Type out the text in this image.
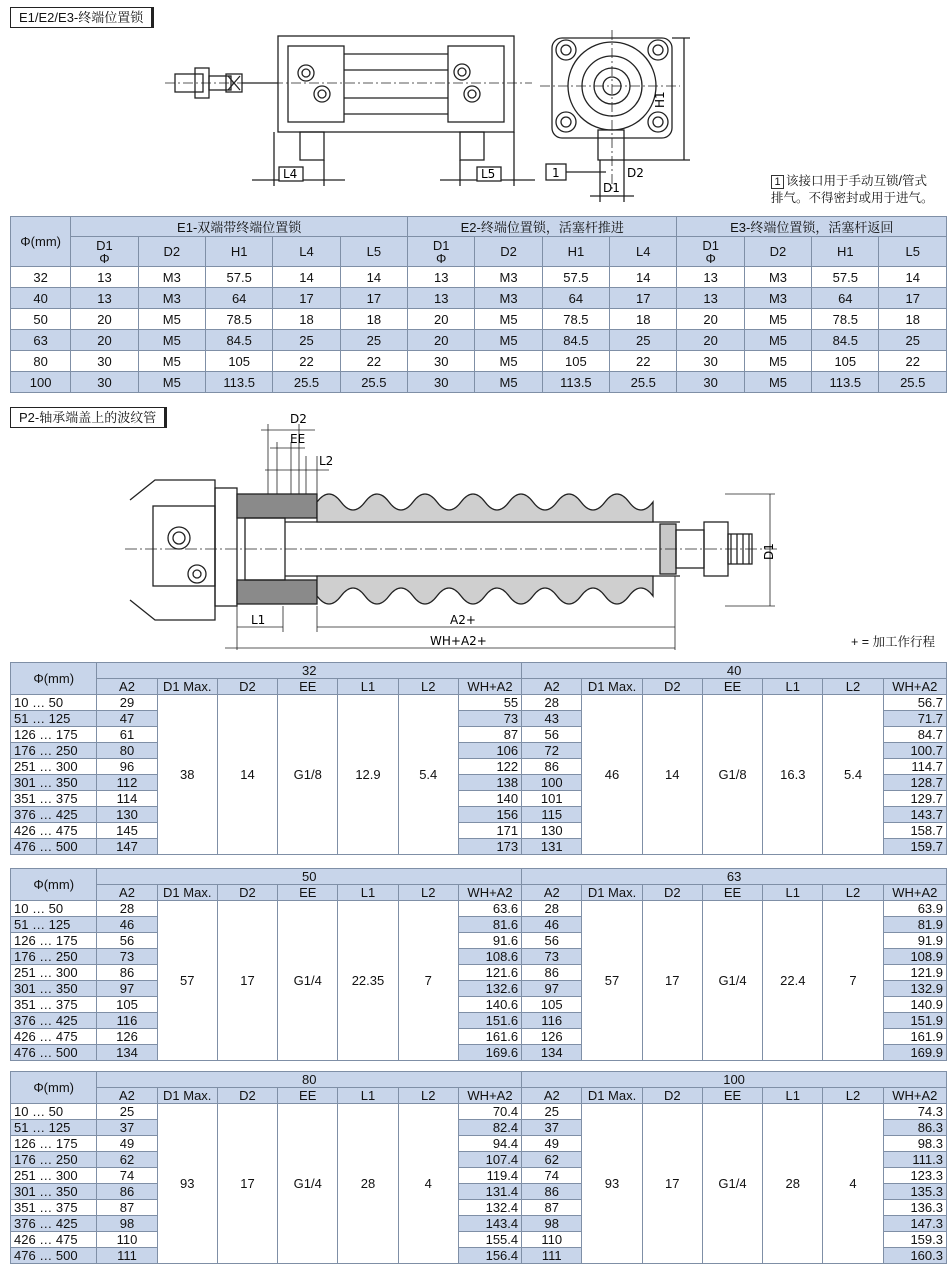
E1/E2/E3-终端位置锁
L4	L5
H1
D1
D2
1
1 该接口用于手动互锁/管式
排气。不得密封或用于进气。
Φ(mm)	E1-双端带终端位置锁					E2-终端位置锁，活塞杆推进				E3-终端位置锁，活塞杆返回			
	D1 Φ	D2	H1	L4	L5	D1 Φ	D2	H1	L4	D1 Φ	D2	H1	L5
32	13	M3	57.5	14	14	13	M3	57.5	14	13	M3	57.5	14
40	13	M3	64	17	17	13	M3	64	17	13	M3	64	17
50	20	M5	78.5	18	18	20	M5	78.5	18	20	M5	78.5	18
63	20	M5	84.5	25	25	20	M5	84.5	25	20	M5	84.5	25
80	30	M5	105	22	22	30	M5	105	22	30	M5	105	22
100	30	M5	113.5	25.5	25.5	30	M5	113.5	25.5	30	M5	113.5	25.5
P2-轴承端盖上的波纹管	D2
EE
L2
L1	A2+
WH+A2+
D1
+ = 加工作行程
Φ(mm)	32							40						
	A2	D1 Max.	D2	EE	L1	L2	WH+A2	A2	D1 Max.	D2	EE	L1	L2	WH+A2
10 … 50	29	38	14	G1/8	12.9	5.4	55	28	46	14	G1/8	16.3	5.4	56.7
51 … 125	47						73	43						71.7
126 … 175	61						87	56						84.7
176 … 250	80						106	72						100.7
251 … 300	96						122	86						114.7
301 … 350	112						138	100						128.7
351 … 375	114						140	101						129.7
376 … 425	130						156	115						143.7
426 … 475	145						171	130						158.7
476 … 500	147						173	131						159.7
Φ(mm)	50							63						
	A2	D1 Max.	D2	EE	L1	L2	WH+A2	A2	D1 Max.	D2	EE	L1	L2	WH+A2
10 … 50	28	57	17	G1/4	22.35	7	63.6	28	57	17	G1/4	22.4	7	63.9
51 … 125	46						81.6	46						81.9
126 … 175	56						91.6	56						91.9
176 … 250	73						108.6	73						108.9
251 … 300	86						121.6	86						121.9
301 … 350	97						132.6	97						132.9
351 … 375	105						140.6	105						140.9
376 … 425	116						151.6	116						151.9
426 … 475	126						161.6	126						161.9
476 … 500	134						169.6	134						169.9
Φ(mm)	80							100						
	A2	D1 Max.	D2	EE	L1	L2	WH+A2	A2	D1 Max.	D2	EE	L1	L2	WH+A2
10 … 50	25	93	17	G1/4	28	4	70.4	25	93	17	G1/4	28	4	74.3
51 … 125	37						82.4	37						86.3
126 … 175	49						94.4	49						98.3
176 … 250	62						107.4	62						111.3
251 … 300	74						119.4	74						123.3
301 … 350	86						131.4	86						135.3
351 … 375	87						132.4	87						136.3
376 … 425	98						143.4	98						147.3
426 … 475	110						155.4	110						159.3
476 … 500	111						156.4	111						160.3
